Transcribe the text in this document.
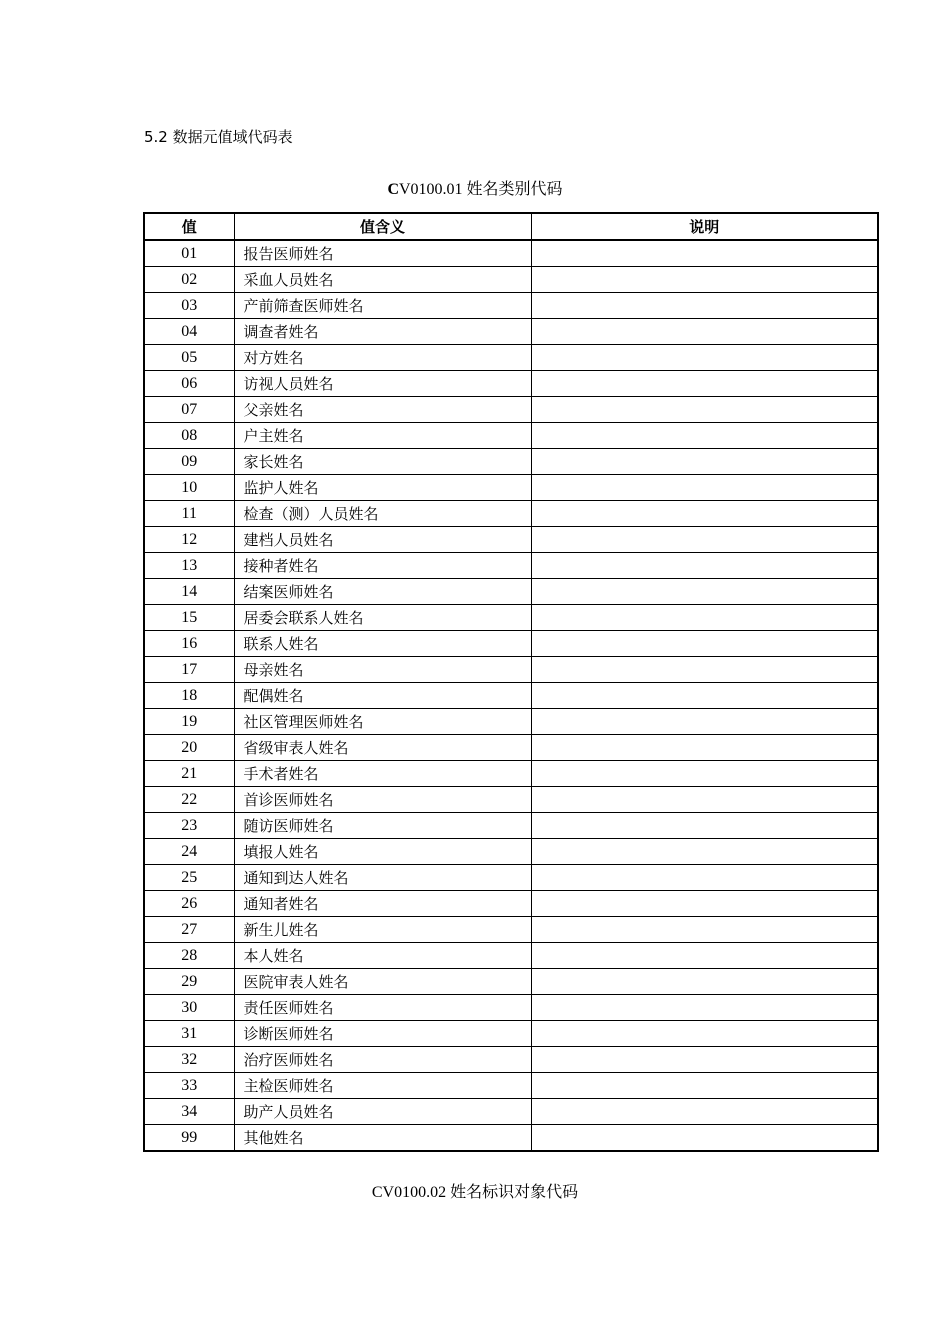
5.2 数据元值域代码表
CV0100.01 姓名类别代码
值	值含义	说明
01	报告医师姓名	
02	采血人员姓名	
03	产前筛查医师姓名	
04	调查者姓名	
05	对方姓名	
06	访视人员姓名	
07	父亲姓名	
08	户主姓名	
09	家长姓名	
10	监护人姓名	
11	检查（测）人员姓名	
12	建档人员姓名	
13	接种者姓名	
14	结案医师姓名	
15	居委会联系人姓名	
16	联系人姓名	
17	母亲姓名	
18	配偶姓名	
19	社区管理医师姓名	
20	省级审表人姓名	
21	手术者姓名	
22	首诊医师姓名	
23	随访医师姓名	
24	填报人姓名	
25	通知到达人姓名	
26	通知者姓名	
27	新生儿姓名	
28	本人姓名	
29	医院审表人姓名	
30	责任医师姓名	
31	诊断医师姓名	
32	治疗医师姓名	
33	主检医师姓名	
34	助产人员姓名	
99	其他姓名	
CV0100.02 姓名标识对象代码
